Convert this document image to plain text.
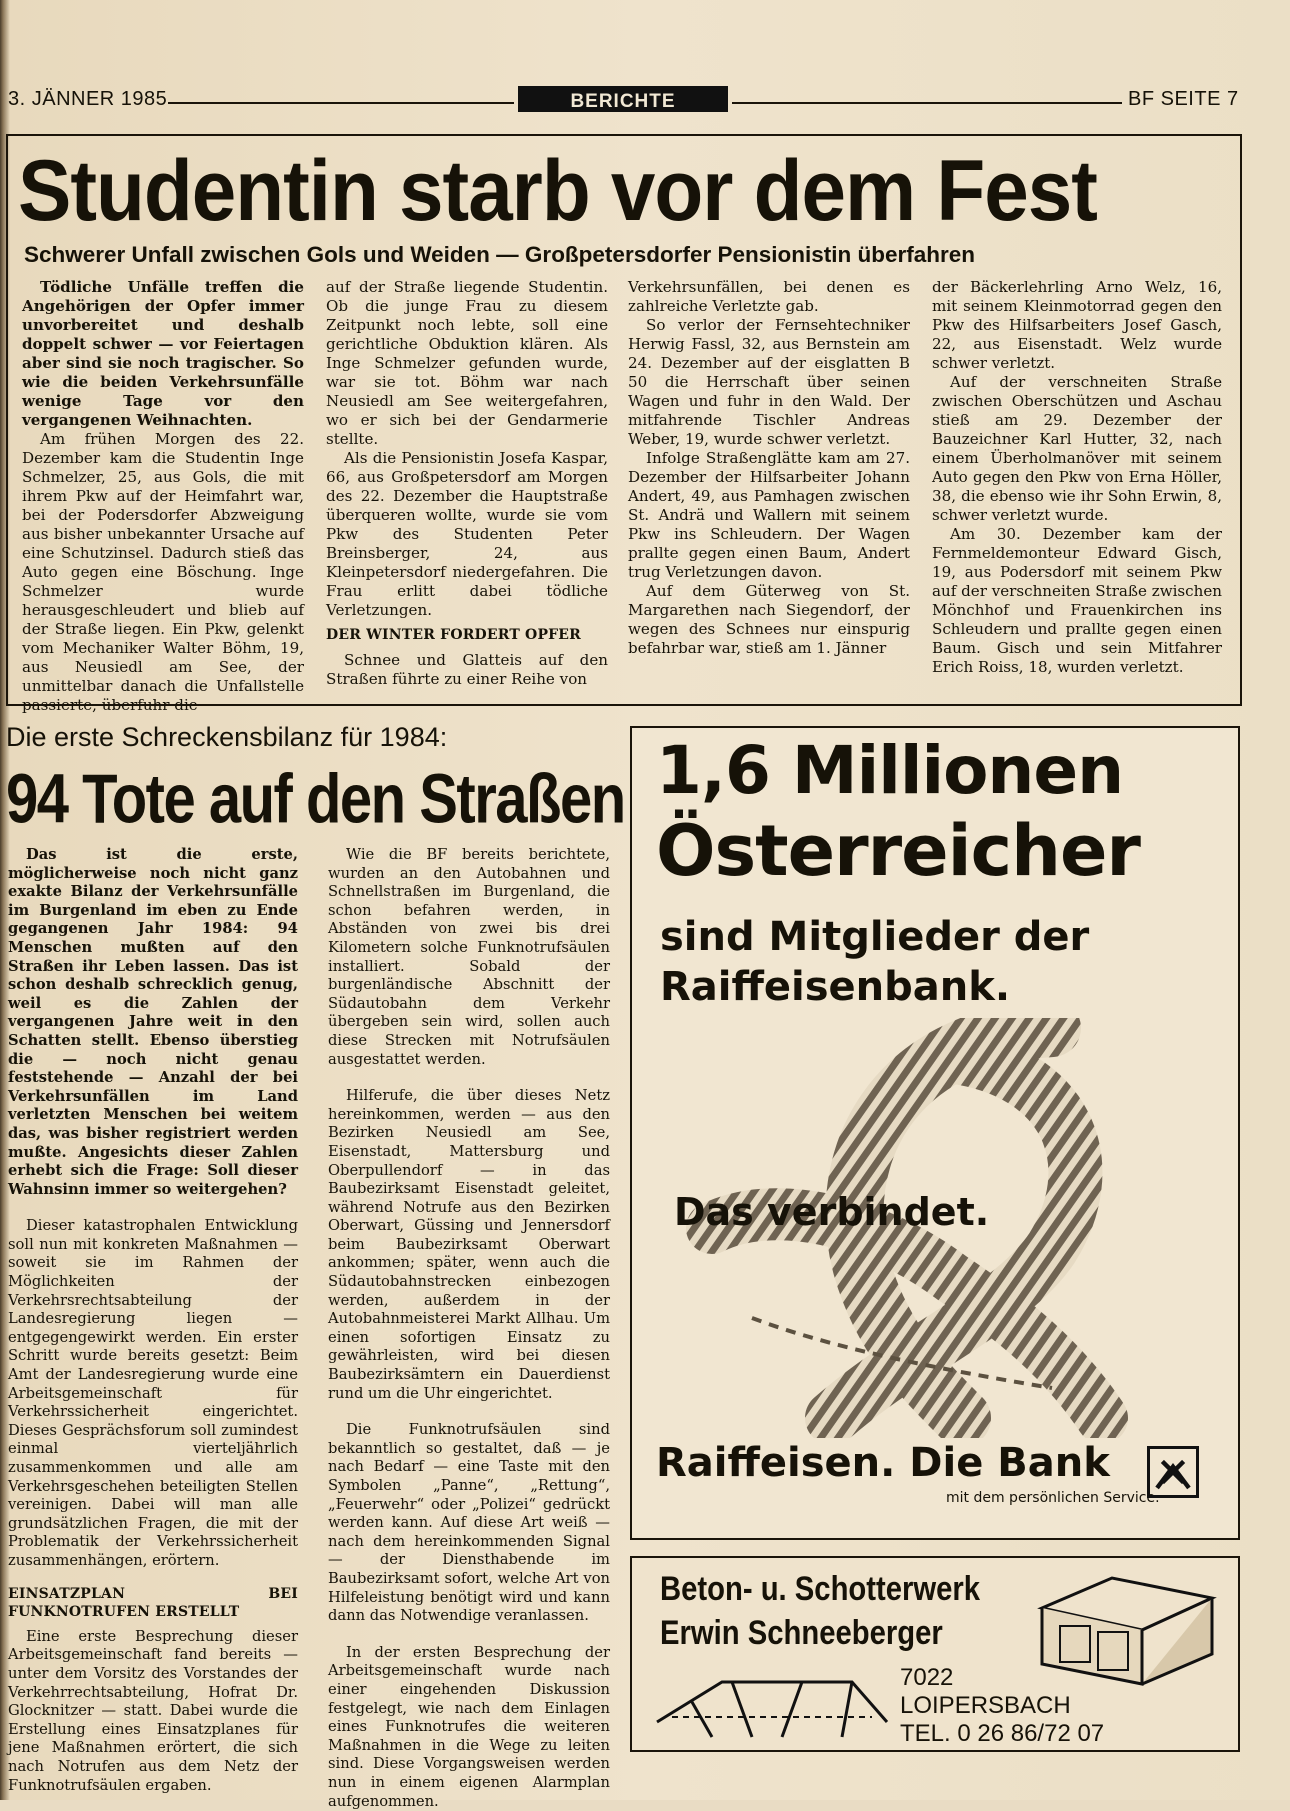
3. JÄNNER 1985	BERICHTE	BF SEITE 7
Studentin starb vor dem Fest
Schwerer Unfall zwischen Gols und Weiden — Großpetersdorfer Pensionistin überfahren

Tödliche Unfälle treffen die Angehörigen der Opfer immer unvorbereitet und deshalb doppelt schwer — vor Feiertagen aber sind sie noch tragischer. So wie die beiden Verkehrsunfälle wenige Tage vor den vergangenen Weihnachten.

Am frühen Morgen des 22. Dezember kam die Studentin Inge Schmelzer, 25, aus Gols, die mit ihrem Pkw auf der Heimfahrt war, bei der Podersdorfer Abzweigung aus bisher unbekannter Ursache auf eine Schutzinsel. Dadurch stieß das Auto gegen eine Böschung. Inge Schmelzer wurde herausgeschleudert und blieb auf der Straße liegen. Ein Pkw, gelenkt vom Mechaniker Walter Böhm, 19, aus Neusiedl am See, der unmittelbar danach die Unfallstelle passierte, überfuhr die

auf der Straße liegende Studentin. Ob die junge Frau zu diesem Zeitpunkt noch lebte, soll eine gerichtliche Obduktion klären. Als Inge Schmelzer gefunden wurde, war sie tot. Böhm war nach Neusiedl am See weitergefahren, wo er sich bei der Gendarmerie stellte.

Als die Pensionistin Josefa Kaspar, 66, aus Großpetersdorf am Morgen des 22. Dezember die Hauptstraße überqueren wollte, wurde sie vom Pkw des Studenten Peter Breinsberger, 24, aus Kleinpetersdorf niedergefahren. Die Frau erlitt dabei tödliche Verletzungen.

DER WINTER FORDERT OPFER

Schnee und Glatteis auf den Straßen führte zu einer Reihe von

Verkehrsunfällen, bei denen es zahlreiche Verletzte gab.

So verlor der Fernsehtechniker Herwig Fassl, 32, aus Bernstein am 24. Dezember auf der eisglatten B 50 die Herrschaft über seinen Wagen und fuhr in den Wald. Der mitfahrende Tischler Andreas Weber, 19, wurde schwer verletzt.

Infolge Straßenglätte kam am 27. Dezember der Hilfsarbeiter Johann Andert, 49, aus Pamhagen zwischen St. Andrä und Wallern mit seinem Pkw ins Schleudern. Der Wagen prallte gegen einen Baum, Andert trug Verletzungen davon.

Auf dem Güterweg von St. Margarethen nach Siegendorf, der wegen des Schnees nur einspurig befahrbar war, stieß am 1. Jänner

der Bäckerlehrling Arno Welz, 16, mit seinem Kleinmotorrad gegen den Pkw des Hilfsarbeiters Josef Gasch, 22, aus Eisenstadt. Welz wurde schwer verletzt.

Auf der verschneiten Straße zwischen Oberschützen und Aschau stieß am 29. Dezember der Bauzeichner Karl Hutter, 32, nach einem Überholmanöver mit seinem Auto gegen den Pkw von Erna Höller, 38, die ebenso wie ihr Sohn Erwin, 8, schwer verletzt wurde.

Am 30. Dezember kam der Fernmeldemonteur Edward Gisch, 19, aus Podersdorf mit seinem Pkw auf der verschneiten Straße zwischen Mönchhof und Frauenkirchen ins Schleudern und prallte gegen einen Baum. Gisch und sein Mitfahrer Erich Roiss, 18, wurden verletzt.

Die erste Schreckensbilanz für 1984:
94 Tote auf den Straßen

Das ist die erste, möglicherweise noch nicht ganz exakte Bilanz der Verkehrsunfälle im Burgenland im eben zu Ende gegangenen Jahr 1984: 94 Menschen mußten auf den Straßen ihr Leben lassen. Das ist schon deshalb schrecklich genug, weil es die Zahlen der vergangenen Jahre weit in den Schatten stellt. Ebenso überstieg die — noch nicht genau feststehende — Anzahl der bei Verkehrsunfällen im Land verletzten Menschen bei weitem das, was bisher registriert werden mußte. Angesichts dieser Zahlen erhebt sich die Frage: Soll dieser Wahnsinn immer so weitergehen?

Dieser katastrophalen Entwicklung soll nun mit konkreten Maßnahmen — soweit sie im Rahmen der Möglichkeiten der Verkehrsrechtsabteilung der Landesregierung liegen — entgegengewirkt werden. Ein erster Schritt wurde bereits gesetzt: Beim Amt der Landesregierung wurde eine Arbeitsgemeinschaft für Verkehrssicherheit eingerichtet. Dieses Gesprächsforum soll zumindest einmal vierteljährlich zusammenkommen und alle am Verkehrsgeschehen beteiligten Stellen vereinigen. Dabei will man alle grundsätzlichen Fragen, die mit der Problematik der Verkehrssicherheit zusammenhängen, erörtern.

EINSATZPLAN BEI FUNKNOTRUFEN ERSTELLT

Eine erste Besprechung dieser Arbeitsgemeinschaft fand bereits — unter dem Vorsitz des Vorstandes der Verkehrrechtsabteilung, Hofrat Dr. Glocknitzer — statt. Dabei wurde die Erstellung eines Einsatzplanes für jene Maßnahmen erörtert, die sich nach Notrufen aus dem Netz der Funknotrufsäulen ergaben.

Wie die BF bereits berichtete, wurden an den Autobahnen und Schnellstraßen im Burgenland, die schon befahren werden, in Abständen von zwei bis drei Kilometern solche Funknotrufsäulen installiert. Sobald der burgenländische Abschnitt der Südautobahn dem Verkehr übergeben sein wird, sollen auch diese Strecken mit Notrufsäulen ausgestattet werden.

Hilferufe, die über dieses Netz hereinkommen, werden — aus den Bezirken Neusiedl am See, Eisenstadt, Mattersburg und Oberpullendorf — in das Baubezirksamt Eisenstadt geleitet, während Notrufe aus den Bezirken Oberwart, Güssing und Jennersdorf beim Baubezirksamt Oberwart ankommen; später, wenn auch die Südautobahnstrecken einbezogen werden, außerdem in der Autobahnmeisterei Markt Allhau. Um einen sofortigen Einsatz zu gewährleisten, wird bei diesen Baubezirksämtern ein Dauerdienst rund um die Uhr eingerichtet.

Die Funknotrufsäulen sind bekanntlich so gestaltet, daß — je nach Bedarf — eine Taste mit den Symbolen „Panne“, „Rettung“, „Feuerwehr“ oder „Polizei“ gedrückt werden kann. Auf diese Art weiß — nach dem hereinkommenden Signal — der Diensthabende im Baubezirksamt sofort, welche Art von Hilfeleistung benötigt wird und kann dann das Notwendige veranlassen.

In der ersten Besprechung der Arbeitsgemeinschaft wurde nach einer eingehenden Diskussion festgelegt, wie nach dem Einlagen eines Funknotrufes die weiteren Maßnahmen in die Wege zu leiten sind. Diese Vorgangsweisen werden nun in einem eigenen Alarmplan aufgenommen.

1,6 Millionen
Österreicher
sind Mitglieder der
Raiffeisenbank.
Das verbindet.
Raiffeisen. Die Bank
mit dem persönlichen Service.
Beton- u. Schotterwerk
Erwin Schneeberger
7022
LOIPERSBACH
TEL. 0 26 86/72 07
